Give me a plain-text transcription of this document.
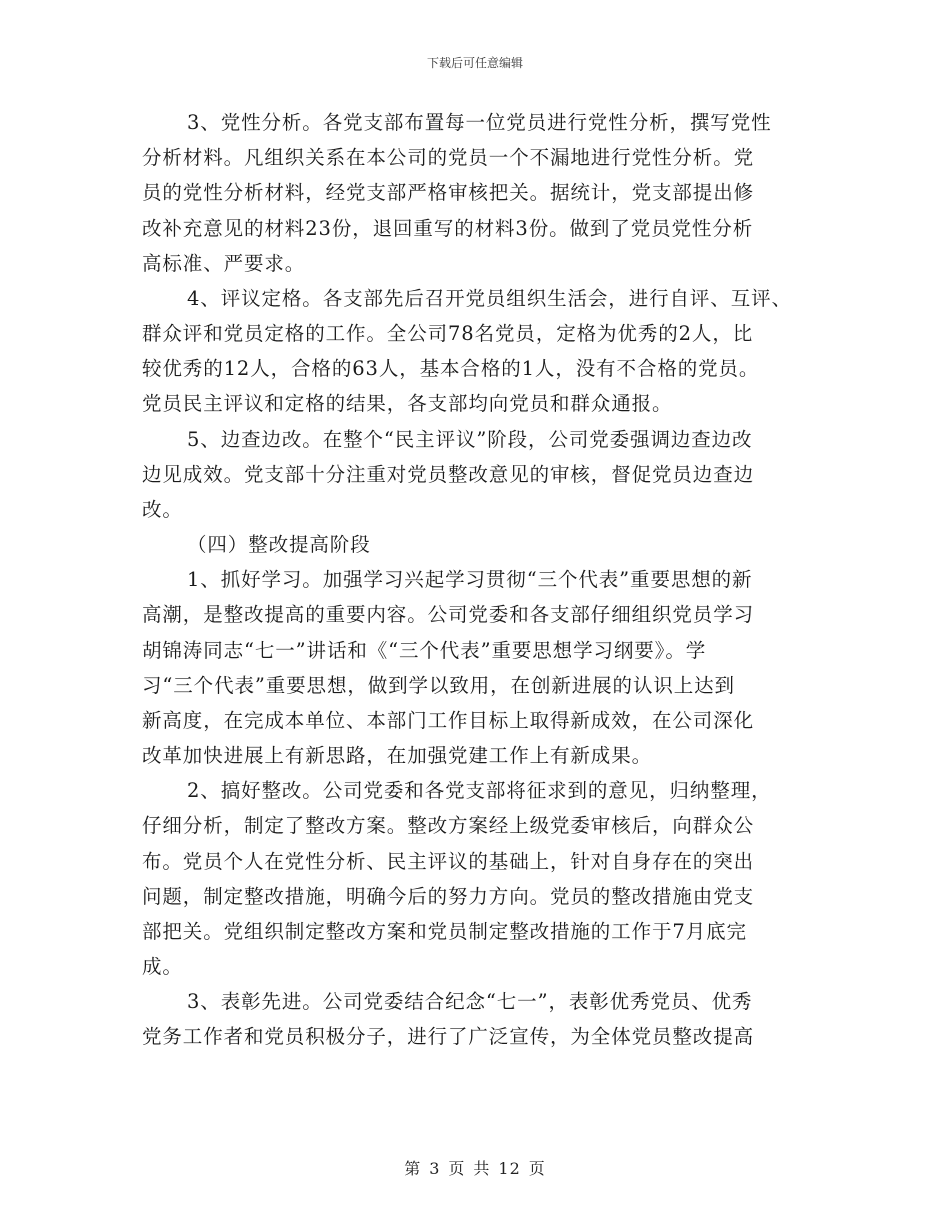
下载后可任意编辑
3、党性分析。各党支部布置每一位党员进行党性分析，撰写党性
分析材料。凡组织关系在本公司的党员一个不漏地进行党性分析。党
员的党性分析材料，经党支部严格审核把关。据统计，党支部提出修
改补充意见的材料23份，退回重写的材料3份。做到了党员党性分析
高标准、严要求。
4、评议定格。各支部先后召开党员组织生活会，进行自评、互评、
群众评和党员定格的工作。全公司78名党员，定格为优秀的2人，比
较优秀的12人，合格的63人，基本合格的1人，没有不合格的党员。
党员民主评议和定格的结果，各支部均向党员和群众通报。
5、边查边改。在整个“民主评议”阶段，公司党委强调边查边改
边见成效。党支部十分注重对党员整改意见的审核，督促党员边查边
改。
（四）整改提高阶段
1、抓好学习。加强学习兴起学习贯彻“三个代表”重要思想的新
高潮，是整改提高的重要内容。公司党委和各支部仔细组织党员学习
胡锦涛同志“七一”讲话和《“三个代表”重要思想学习纲要》。学
习“三个代表”重要思想，做到学以致用，在创新进展的认识上达到
新高度，在完成本单位、本部门工作目标上取得新成效，在公司深化
改革加快进展上有新思路，在加强党建工作上有新成果。
2、搞好整改。公司党委和各党支部将征求到的意见，归纳整理，
仔细分析，制定了整改方案。整改方案经上级党委审核后，向群众公
布。党员个人在党性分析、民主评议的基础上，针对自身存在的突出
问题，制定整改措施，明确今后的努力方向。党员的整改措施由党支
部把关。党组织制定整改方案和党员制定整改措施的工作于7月底完
成。
3、表彰先进。公司党委结合纪念“七一”，表彰优秀党员、优秀
党务工作者和党员积极分子，进行了广泛宣传，为全体党员整改提高
第 3 页 共 12 页
